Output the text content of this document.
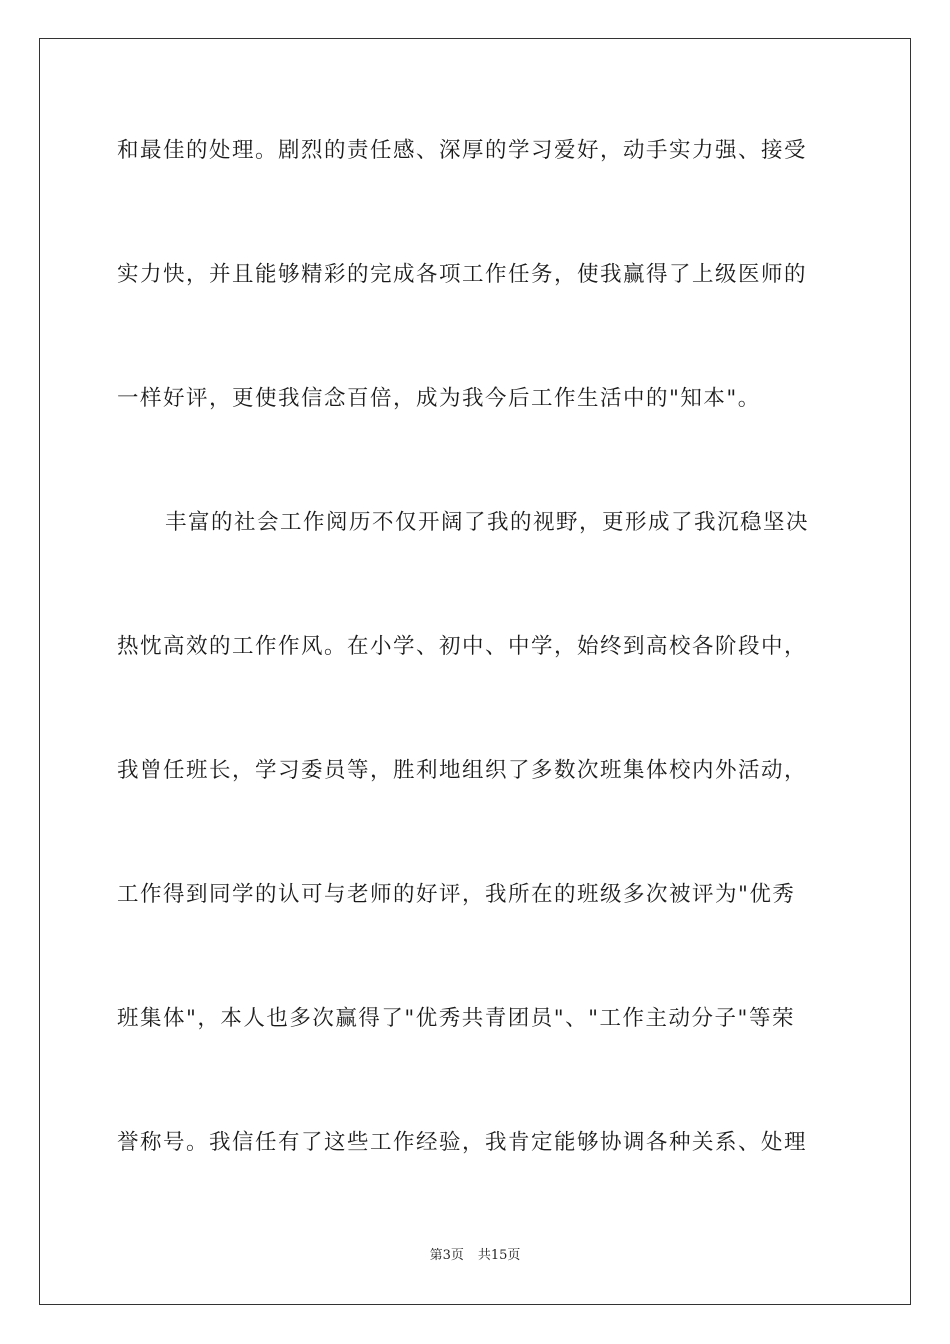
和最佳的处理。剧烈的责任感、深厚的学习爱好，动手实力强、接受
实力快，并且能够精彩的完成各项工作任务，使我赢得了上级医师的
一样好评，更使我信念百倍，成为我今后工作生活中的"知本"。
丰富的社会工作阅历不仅开阔了我的视野，更形成了我沉稳坚决
热忱高效的工作作风。在小学、初中、中学，始终到高校各阶段中，
我曾任班长，学习委员等，胜利地组织了多数次班集体校内外活动，
工作得到同学的认可与老师的好评，我所在的班级多次被评为"优秀
班集体"，本人也多次赢得了"优秀共青团员"、"工作主动分子"等荣
誉称号。我信任有了这些工作经验，我肯定能够协调各种关系、处理
第3页 共15页
